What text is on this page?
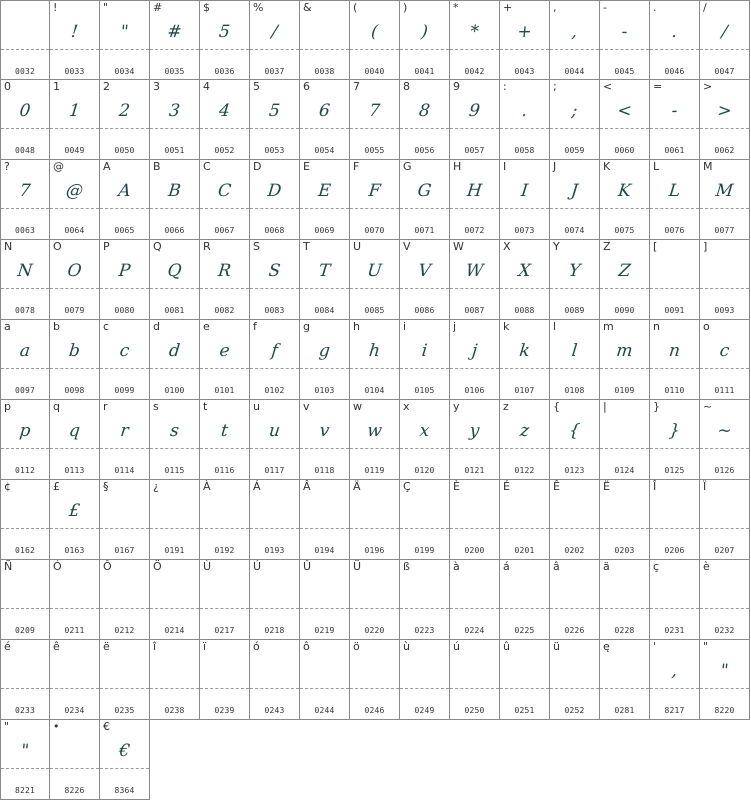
0032
!
!
0033
"
"
0034
#
#
0035
$
5
0036
%
/
0037
&
0038
(
(
0040
)
)
0041
*
*
0042
+
+
0043
,
,
0044
-
-
0045
.
.
0046
/
/
0047
0
0
0048
1
1
0049
2
2
0050
3
3
0051
4
4
0052
5
5
0053
6
6
0054
7
7
0055
8
8
0056
9
9
0057
:
.
0058
;
;
0059
<
<
0060
=
-
0061
>
>
0062
?
7
0063
@
@
0064
A
A
0065
B
B
0066
C
C
0067
D
D
0068
E
E
0069
F
F
0070
G
G
0071
H
H
0072
I
I
0073
J
J
0074
K
K
0075
L
L
0076
M
M
0077
N
N
0078
O
O
0079
P
P
0080
Q
Q
0081
R
R
0082
S
S
0083
T
T
0084
U
U
0085
V
V
0086
W
W
0087
X
X
0088
Y
Y
0089
Z
Z
0090
[
0091
]
0093
a
a
0097
b
b
0098
c
c
0099
d
d
0100
e
e
0101
f
f
0102
g
g
0103
h
h
0104
i
i
0105
j
j
0106
k
k
0107
l
l
0108
m
m
0109
n
n
0110
o
c
0111
p
p
0112
q
q
0113
r
r
0114
s
s
0115
t
t
0116
u
u
0117
v
v
0118
w
w
0119
x
x
0120
y
y
0121
z
z
0122
{
{
0123
|
0124
}
}
0125
~
~
0126
¢
0162
£
£
0163
§
0167
¿
0191
À
0192
Á
0193
Â
0194
Ä
0196
Ç
0199
È
0200
É
0201
Ê
0202
Ë
0203
Î
0206
Ï
0207
Ñ
0209
Ó
0211
Ô
0212
Ö
0214
Ù
0217
Ú
0218
Û
0219
Ü
0220
ß
0223
à
0224
á
0225
â
0226
ä
0228
ç
0231
è
0232
é
0233
ê
0234
ë
0235
î
0238
ï
0239
ó
0243
ô
0244
ö
0246
ù
0249
ú
0250
û
0251
ü
0252
ę
0281
'
,
8217
"
"
8220
"
"
8221
•
8226
€
€
8364
